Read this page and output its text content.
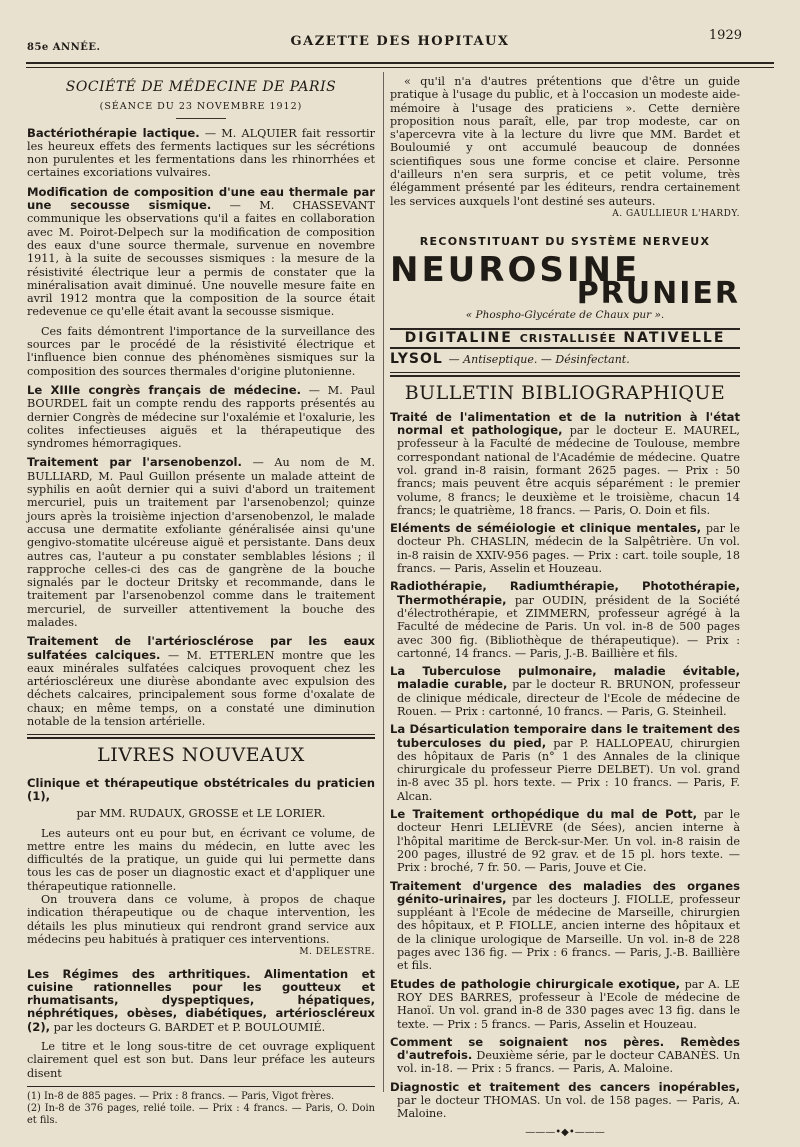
85e ANNÉE.	GAZETTE DES HOPITAUX	1929
SOCIÉTÉ DE MÉDECINE DE PARIS
(SÉANCE DU 23 NOVEMBRE 1912)

Bactériothérapie lactique. — M. ALQUIER fait ressortir les heureux effets des ferments lactiques sur les sécrétions non purulentes et les fermentations dans les rhinorrhées et certaines excoriations vulvaires.

Modification de composition d'une eau thermale par une secousse sismique. — M. CHASSEVANT communique les observations qu'il a faites en collaboration avec M. Poirot-Delpech sur la modification de composition des eaux d'une source thermale, survenue en novembre 1911, à la suite de secousses sismiques : la mesure de la résistivité électrique leur a permis de constater que la minéralisation avait diminué. Une nouvelle mesure faite en avril 1912 montra que la composition de la source était redevenue ce qu'elle était avant la secousse sismique.

Ces faits démontrent l'importance de la surveillance des sources par le procédé de la résistivité électrique et l'influence bien connue des phénomènes sismiques sur la composition des sources thermales d'origine plutonienne.

Le XIIIe congrès français de médecine. — M. Paul BOURDEL fait un compte rendu des rapports présentés au dernier Congrès de médecine sur l'oxalémie et l'oxalurie, les colites infectieuses aiguës et la thérapeutique des syndromes hémorragiques.

Traitement par l'arsenobenzol. — Au nom de M. BULLIARD, M. Paul Guillon présente un malade atteint de syphilis en août dernier qui a suivi d'abord un traitement mercuriel, puis un traitement par l'arsenobenzol; quinze jours après la troisième injection d'arsenobenzol, le malade accusa une dermatite exfoliante généralisée ainsi qu'une gengivo-stomatite ulcéreuse aiguë et persistante. Dans deux autres cas, l'auteur a pu constater semblables lésions ; il rapproche celles-ci des cas de gangrène de la bouche signalés par le docteur Dritsky et recommande, dans le traitement par l'arsenobenzol comme dans le traitement mercuriel, de surveiller attentivement la bouche des malades.

Traitement de l'artériosclérose par les eaux sulfatées calciques. — M. ETTERLEN montre que les eaux minérales sulfatées calciques provoquent chez les artérioscléreux une diurèse abondante avec expulsion des déchets calcaires, principalement sous forme d'oxalate de chaux; en même temps, on a constaté une diminution notable de la tension artérielle.

LIVRES NOUVEAUX

Clinique et thérapeutique obstétricales du praticien (1),

par MM. RUDAUX, GROSSE et LE LORIER.

Les auteurs ont eu pour but, en écrivant ce volume, de mettre entre les mains du médecin, en lutte avec les difficultés de la pratique, un guide qui lui permette dans tous les cas de poser un diagnostic exact et d'appliquer une thérapeutique rationnelle.

On trouvera dans ce volume, à propos de chaque indication thérapeutique ou de chaque intervention, les détails les plus minutieux qui rendront grand service aux médecins peu habitués à pratiquer ces interventions.

M. DELESTRE.

Les Régimes des arthritiques. Alimentation et cuisine rationnelles pour les goutteux et rhumatisants, dyspeptiques, hépatiques, néphrétiques, obèses, diabétiques, artérioscléreux (2), par les docteurs G. BARDET et P. BOULOUMIÉ.

Le titre et le long sous-titre de cet ouvrage expliquent clairement quel est son but. Dans leur préface les auteurs disent

(1) In-8 de 885 pages. — Prix : 8 francs. — Paris, Vigot frères.

(2) In-8 de 376 pages, relié toile. — Prix : 4 francs. — Paris, O. Doin et fils.

« qu'il n'a d'autres prétentions que d'être un guide pratique à l'usage du public, et à l'occasion un modeste aide-mémoire à l'usage des praticiens ». Cette dernière proposition nous paraît, elle, par trop modeste, car on s'apercevra vite à la lecture du livre que MM. Bardet et Bouloumié y ont accumulé beaucoup de données scientifiques sous une forme concise et claire. Personne d'ailleurs n'en sera surpris, et ce petit volume, très élégamment présenté par les éditeurs, rendra certainement les services auxquels l'ont destiné ses auteurs.

A. GAULLIEUR L'HARDY.

RECONSTITUANT DU SYSTÈME NERVEUX
NEUROSINE
PRUNIER
« Phospho-Glycérate de Chaux pur ».
DIGITALINE CRISTALLISÉE NATIVELLE
LYSOL — Antiseptique. — Désinfectant.
BULLETIN BIBLIOGRAPHIQUE

Traité de l'alimentation et de la nutrition à l'état normal et pathologique, par le docteur E. MAUREL, professeur à la Faculté de médecine de Toulouse, membre correspondant national de l'Académie de médecine. Quatre vol. grand in-8 raisin, formant 2625 pages. — Prix : 50 francs; mais peuvent être acquis séparément : le premier volume, 8 francs; le deuxième et le troisième, chacun 14 francs; le quatrième, 18 francs. — Paris, O. Doin et fils.

Eléments de séméiologie et clinique mentales, par le docteur Ph. CHASLIN, médecin de la Salpêtrière. Un vol. in-8 raisin de XXIV-956 pages. — Prix : cart. toile souple, 18 francs. — Paris, Asselin et Houzeau.

Radiothérapie, Radiumthérapie, Photothérapie, Thermothérapie, par OUDIN, président de la Société d'électrothérapie, et ZIMMERN, professeur agrégé à la Faculté de médecine de Paris. Un vol. in-8 de 500 pages avec 300 fig. (Bibliothèque de thérapeutique). — Prix : cartonné, 14 francs. — Paris, J.-B. Baillière et fils.

La Tuberculose pulmonaire, maladie évitable, maladie curable, par le docteur R. BRUNON, professeur de clinique médicale, directeur de l'Ecole de médecine de Rouen. — Prix : cartonné, 10 francs. — Paris, G. Steinheil.

La Désarticulation temporaire dans le traitement des tuberculoses du pied, par P. HALLOPEAU, chirurgien des hôpitaux de Paris (n° 1 des Annales de la clinique chirurgicale du professeur Pierre DELBET). Un vol. grand in-8 avec 35 pl. hors texte. — Prix : 10 francs. — Paris, F. Alcan.

Le Traitement orthopédique du mal de Pott, par le docteur Henri LELIÈVRE (de Sées), ancien interne à l'hôpital maritime de Berck-sur-Mer. Un vol. in-8 raisin de 200 pages, illustré de 92 grav. et de 15 pl. hors texte. — Prix : broché, 7 fr. 50. — Paris, Jouve et Cie.

Traitement d'urgence des maladies des organes génito-urinaires, par les docteurs J. FIOLLE, professeur suppléant à l'Ecole de médecine de Marseille, chirurgien des hôpitaux, et P. FIOLLE, ancien interne des hôpitaux et de la clinique urologique de Marseille. Un vol. in-8 de 228 pages avec 136 fig. — Prix : 6 francs. — Paris, J.-B. Baillière et fils.

Etudes de pathologie chirurgicale exotique, par A. LE ROY DES BARRES, professeur à l'Ecole de médecine de Hanoï. Un vol. grand in-8 de 330 pages avec 13 fig. dans le texte. — Prix : 5 francs. — Paris, Asselin et Houzeau.

Comment se soignaient nos pères. Remèdes d'autrefois. Deuxième série, par le docteur CABANÈS. Un vol. in-18. — Prix : 5 francs. — Paris, A. Maloine.

Diagnostic et traitement des cancers inopérables, par le docteur THOMAS. Un vol. de 158 pages. — Paris, A. Maloine.

———•◆•———
